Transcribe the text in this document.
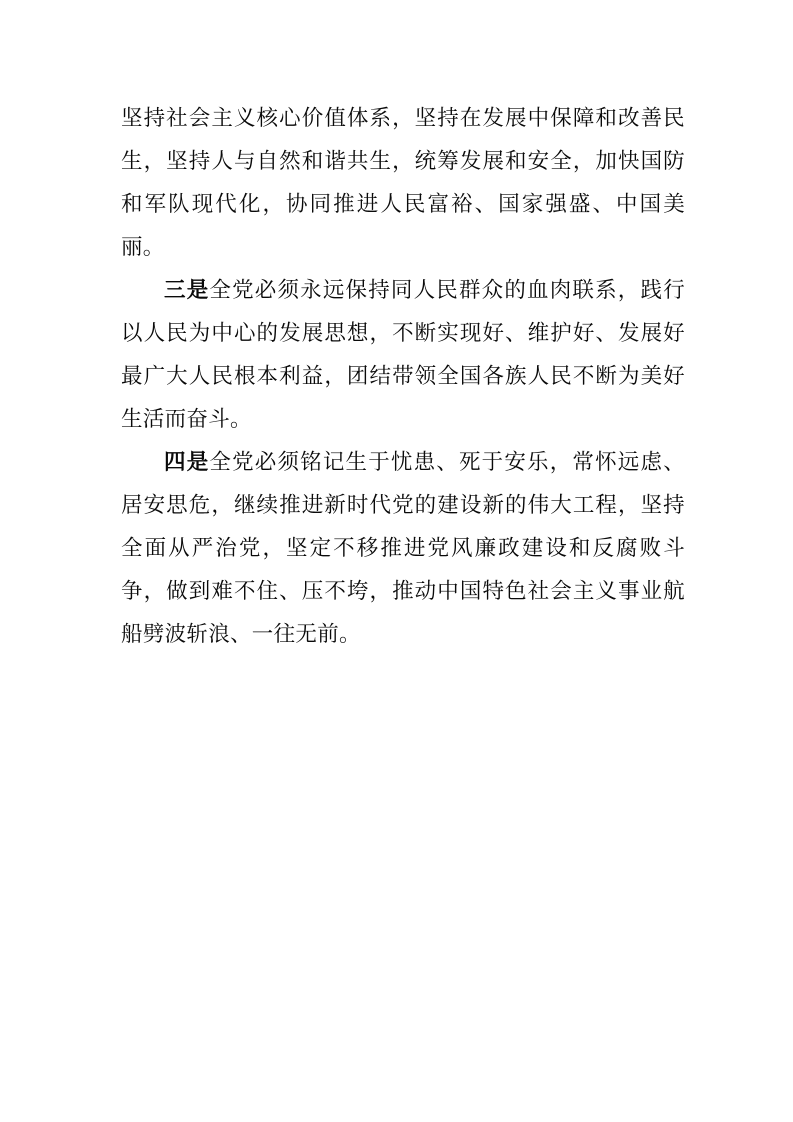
坚持社会主义核心价值体系，坚持在发展中保障和改善民生，坚持人与自然和谐共生，统筹发展和安全，加快国防和军队现代化，协同推进人民富裕、国家强盛、中国美丽。

三是全党必须永远保持同人民群众的血肉联系，践行以人民为中心的发展思想，不断实现好、维护好、发展好最广大人民根本利益，团结带领全国各族人民不断为美好生活而奋斗。

四是全党必须铭记生于忧患、死于安乐，常怀远虑、居安思危，继续推进新时代党的建设新的伟大工程，坚持全面从严治党，坚定不移推进党风廉政建设和反腐败斗争，做到难不住、压不垮，推动中国特色社会主义事业航船劈波斩浪、一往无前。
